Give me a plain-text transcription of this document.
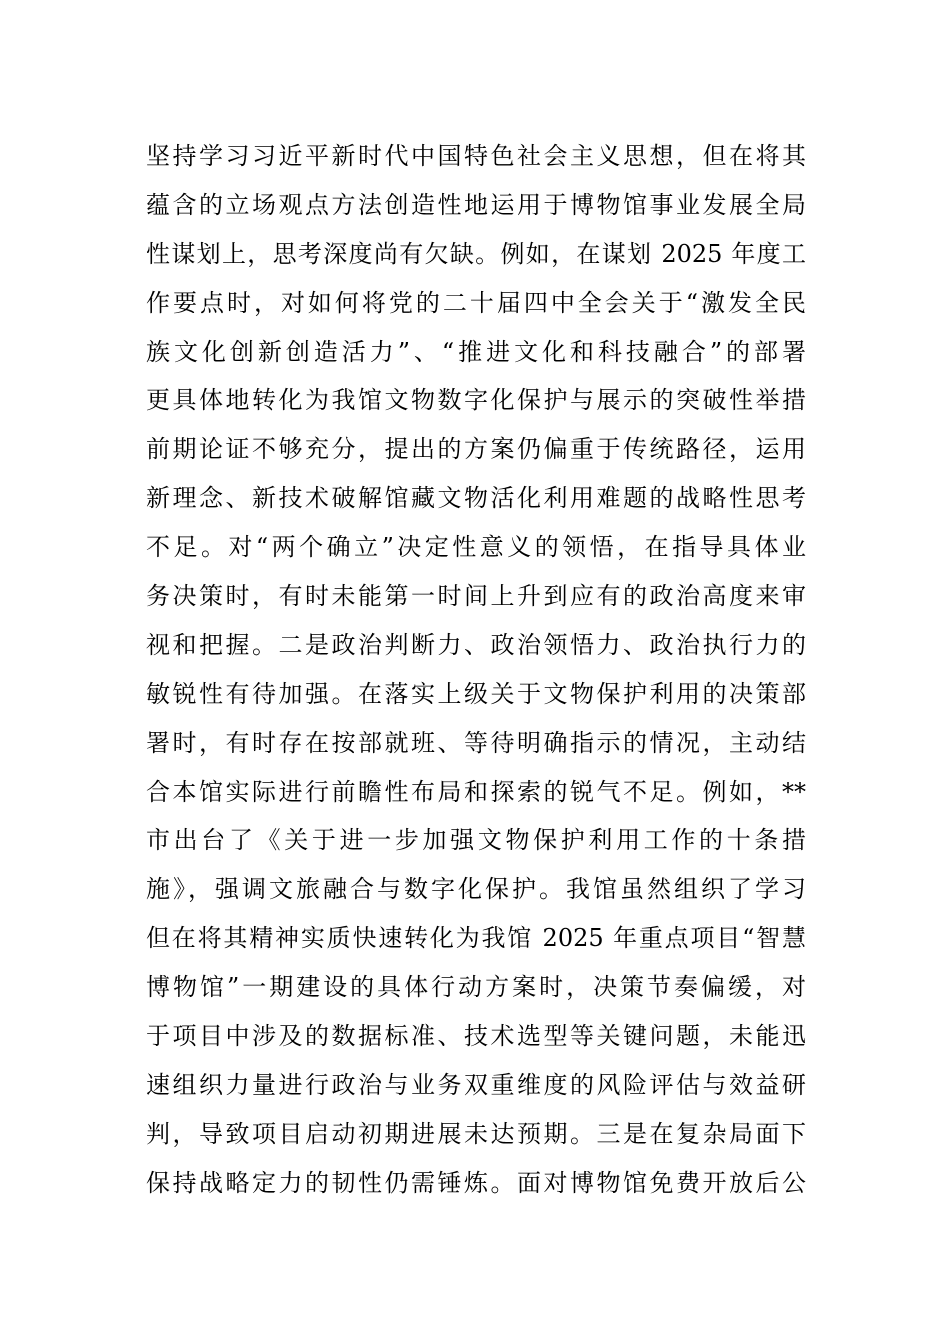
坚持学习习近平新时代中国特色社会主义思想，但在将其
蕴含的立场观点方法创造性地运用于博物馆事业发展全局
性谋划上，思考深度尚有欠缺。例如，在谋划 2025 年度工
作要点时，对如何将党的二十届四中全会关于“激发全民
族文化创新创造活力”、“推进文化和科技融合”的部署
更具体地转化为我馆文物数字化保护与展示的突破性举措
前期论证不够充分，提出的方案仍偏重于传统路径，运用
新理念、新技术破解馆藏文物活化利用难题的战略性思考
不足。对“两个确立”决定性意义的领悟，在指导具体业
务决策时，有时未能第一时间上升到应有的政治高度来审
视和把握。二是政治判断力、政治领悟力、政治执行力的
敏锐性有待加强。在落实上级关于文物保护利用的决策部
署时，有时存在按部就班、等待明确指示的情况，主动结
合本馆实际进行前瞻性布局和探索的锐气不足。例如，**
市出台了《关于进一步加强文物保护利用工作的十条措
施》，强调文旅融合与数字化保护。我馆虽然组织了学习
但在将其精神实质快速转化为我馆 2025 年重点项目“智慧
博物馆”一期建设的具体行动方案时，决策节奏偏缓，对
于项目中涉及的数据标准、技术选型等关键问题，未能迅
速组织力量进行政治与业务双重维度的风险评估与效益研
判，导致项目启动初期进展未达预期。三是在复杂局面下
保持战略定力的韧性仍需锤炼。面对博物馆免费开放后公
